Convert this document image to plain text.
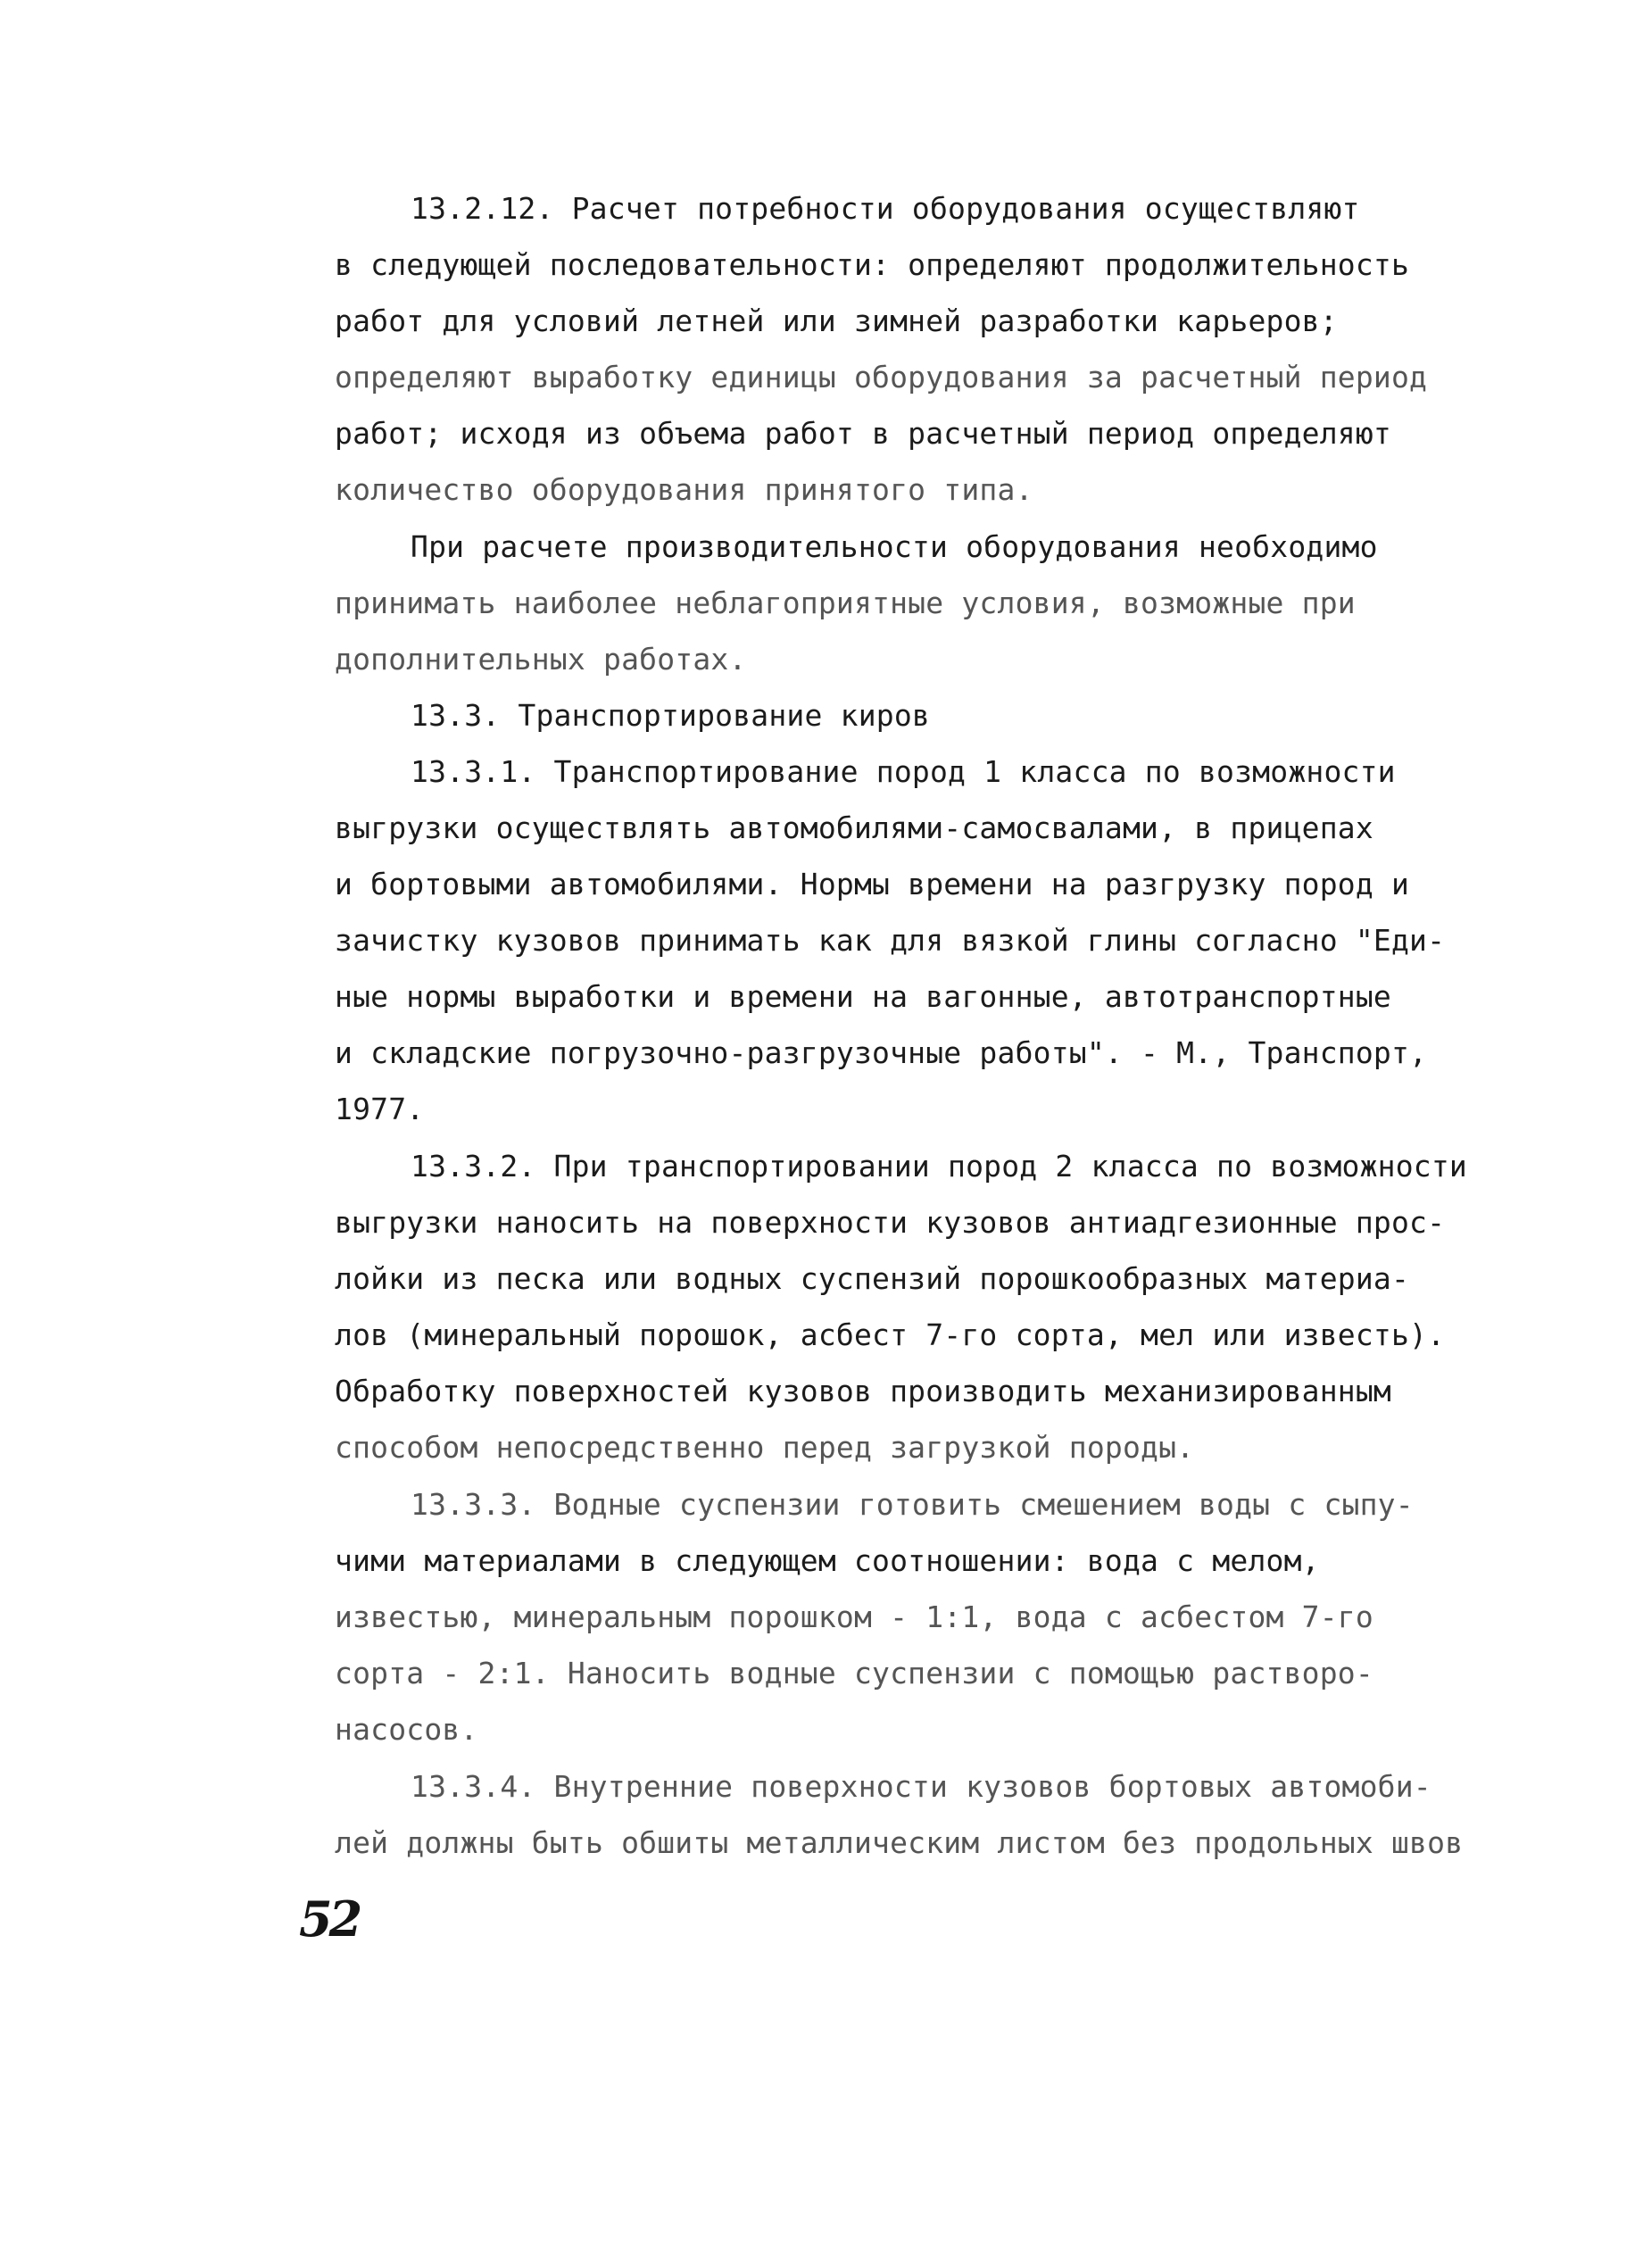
13.2.12. Расчет потребности оборудования осуществляют
в следующей последовательности: определяют продолжительность
работ для условий летней или зимней разработки карьеров;
определяют выработку единицы оборудования за расчетный период
работ; исходя из объема работ в расчетный период определяют
количество оборудования принятого типа.
При расчете производительности оборудования необходимо
принимать наиболее неблагоприятные условия, возможные при
дополнительных работах.
13.3. Транспортирование киров
13.3.1. Транспортирование пород 1 класса по возможности
выгрузки осуществлять автомобилями-самосвалами, в прицепах
и бортовыми автомобилями. Нормы времени на разгрузку пород и
зачистку кузовов принимать как для вязкой глины согласно "Еди-
ные нормы выработки и времени на вагонные, автотранспортные
и складские погрузочно-разгрузочные работы". - М., Транспорт,
1977.
13.3.2. При транспортировании пород 2 класса по возможности
выгрузки наносить на поверхности кузовов антиадгезионные прос-
лойки из песка или водных суспензий порошкообразных материа-
лов (минеральный порошок, асбест 7-го сорта, мел или известь).
Обработку поверхностей кузовов производить механизированным
способом непосредственно перед загрузкой породы.
13.3.3. Водные суспензии готовить смешением воды с сыпу-
чими материалами в следующем соотношении: вода с мелом,
известью, минеральным порошком - 1:1, вода с асбестом 7-го
сорта - 2:1. Наносить водные суспензии с помощью растворо-
насосов.
13.3.4. Внутренние поверхности кузовов бортовых автомоби-
лей должны быть обшиты металлическим листом без продольных швов
52
